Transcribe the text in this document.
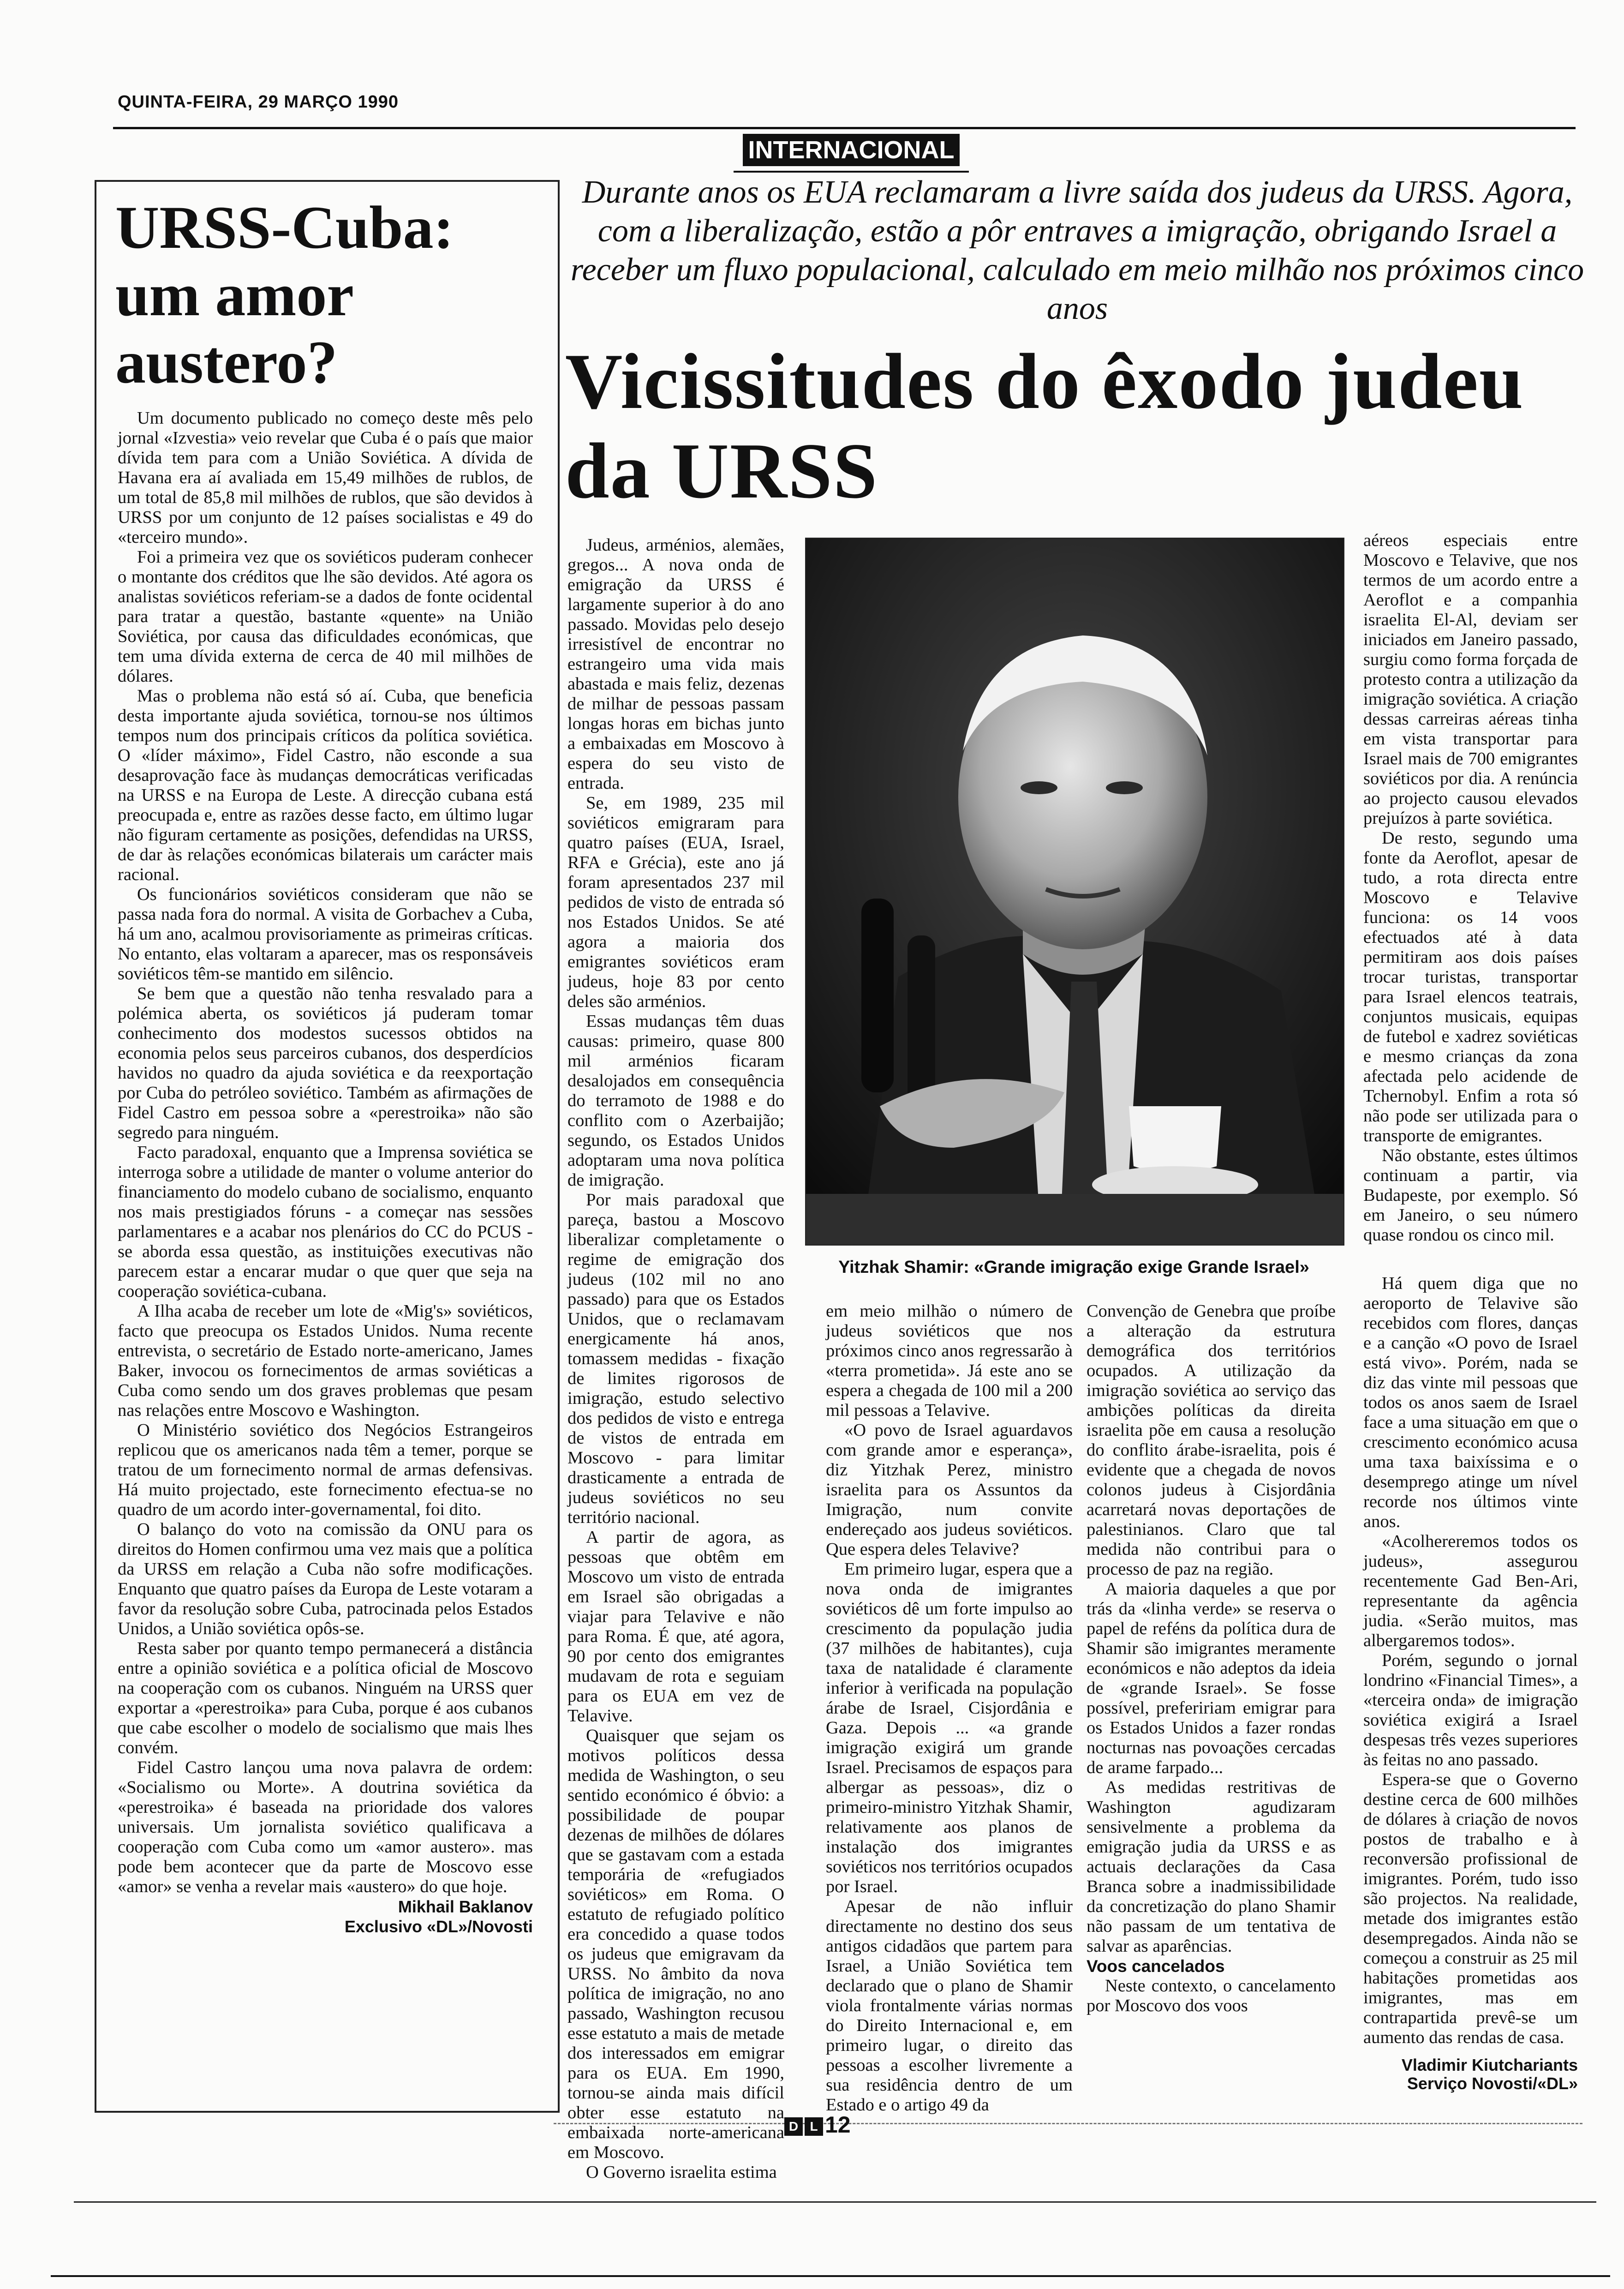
QUINTA-FEIRA, 29 MARÇO 1990
INTERNACIONAL
Durante anos os EUA reclamaram a livre saída dos judeus da URSS. Agora, com a liberalização, estão a pôr entraves a imigração, obrigando Israel a receber um fluxo populacional, calculado em meio milhão nos próximos cinco anos
Vicissitudes do êxodo judeu da URSS
URSS-Cuba: um amor austero?

Um documento publicado no começo deste mês pelo jornal «Izvestia» veio revelar que Cuba é o país que maior dívida tem para com a União Soviética. A dívida de Havana era aí avaliada em 15,49 milhões de rublos, de um total de 85,8 mil milhões de rublos, que são devidos à URSS por um conjunto de 12 países socialistas e 49 do «terceiro mundo».

Foi a primeira vez que os soviéticos puderam conhecer o montante dos créditos que lhe são devidos. Até agora os analistas soviéticos referiam-se a dados de fonte ocidental para tratar a questão, bastante «quente» na União Soviética, por causa das dificuldades económicas, que tem uma dívida externa de cerca de 40 mil milhões de dólares.

Mas o problema não está só aí. Cuba, que beneficia desta importante ajuda soviética, tornou-se nos últimos tempos num dos principais críticos da política soviética. O «líder máximo», Fidel Castro, não esconde a sua desaprovação face às mudanças democráticas verificadas na URSS e na Europa de Leste. A direcção cubana está preocupada e, entre as razões desse facto, em último lugar não figuram certamente as posições, defendidas na URSS, de dar às relações económicas bilaterais um carácter mais racional.

Os funcionários soviéticos consideram que não se passa nada fora do normal. A visita de Gorbachev a Cuba, há um ano, acalmou provisoriamente as primeiras críticas. No entanto, elas voltaram a aparecer, mas os responsáveis soviéticos têm-se mantido em silêncio.

Se bem que a questão não tenha resvalado para a polémica aberta, os soviéticos já puderam tomar conhecimento dos modestos sucessos obtidos na economia pelos seus parceiros cubanos, dos desperdícios havidos no quadro da ajuda soviética e da reexportação por Cuba do petróleo soviético. Também as afirmações de Fidel Castro em pessoa sobre a «perestroika» não são segredo para ninguém.

Facto paradoxal, enquanto que a Imprensa soviética se interroga sobre a utilidade de manter o volume anterior do financiamento do modelo cubano de socialismo, enquanto nos mais prestigiados fóruns - a começar nas sessões parlamentares e a acabar nos plenários do CC do PCUS - se aborda essa questão, as instituições executivas não parecem estar a encarar mudar o que quer que seja na cooperação soviética-cubana.

A Ilha acaba de receber um lote de «Mig's» soviéticos, facto que preocupa os Estados Unidos. Numa recente entrevista, o secretário de Estado norte-americano, James Baker, invocou os fornecimentos de armas soviéticas a Cuba como sendo um dos graves problemas que pesam nas relações entre Moscovo e Washington.

O Ministério soviético dos Negócios Estrangeiros replicou que os americanos nada têm a temer, porque se tratou de um fornecimento normal de armas defensivas. Há muito projectado, este fornecimento efectua-se no quadro de um acordo inter-governamental, foi dito.

O balanço do voto na comissão da ONU para os direitos do Homen confirmou uma vez mais que a política da URSS em relação a Cuba não sofre modificações. Enquanto que quatro países da Europa de Leste votaram a favor da resolução sobre Cuba, patrocinada pelos Estados Unidos, a União soviética opôs-se.

Resta saber por quanto tempo permanecerá a distância entre a opinião soviética e a política oficial de Moscovo na cooperação com os cubanos. Ninguém na URSS quer exportar a «perestroika» para Cuba, porque é aos cubanos que cabe escolher o modelo de socialismo que mais lhes convém.

Fidel Castro lançou uma nova palavra de ordem: «Socialismo ou Morte». A doutrina soviética da «perestroika» é baseada na prioridade dos valores universais. Um jornalista soviético qualificava a cooperação com Cuba como um «amor austero». mas pode bem acontecer que da parte de Moscovo esse «amor» se venha a revelar mais «austero» do que hoje.

Mikhail Baklanov
Exclusivo «DL»/Novosti

Judeus, arménios, alemães, gregos... A nova onda de emigração da URSS é largamente superior à do ano passado. Movidas pelo desejo irresistível de encontrar no estrangeiro uma vida mais abastada e mais feliz, dezenas de milhar de pessoas passam longas horas em bichas junto a embaixadas em Moscovo à espera do seu visto de entrada.

Se, em 1989, 235 mil soviéticos emigraram para quatro países (EUA, Israel, RFA e Grécia), este ano já foram apresentados 237 mil pedidos de visto de entrada só nos Estados Unidos. Se até agora a maioria dos emigrantes soviéticos eram judeus, hoje 83 por cento deles são arménios.

Essas mudanças têm duas causas: primeiro, quase 800 mil arménios ficaram desalojados em consequência do terramoto de 1988 e do conflito com o Azerbaijão; segundo, os Estados Unidos adoptaram uma nova política de imigração.

Por mais paradoxal que pareça, bastou a Moscovo liberalizar completamente o regime de emigração dos judeus (102 mil no ano passado) para que os Estados Unidos, que o reclamavam energicamente há anos, tomassem medidas - fixação de limites rigorosos de imigração, estudo selectivo dos pedidos de visto e entrega de vistos de entrada em Moscovo - para limitar drasticamente a entrada de judeus soviéticos no seu território nacional.

A partir de agora, as pessoas que obtêm em Moscovo um visto de entrada em Israel são obrigadas a viajar para Telavive e não para Roma. É que, até agora, 90 por cento dos emigrantes mudavam de rota e seguiam para os EUA em vez de Telavive.

Quaisquer que sejam os motivos políticos dessa medida de Washington, o seu sentido económico é óbvio: a possibilidade de poupar dezenas de milhões de dólares que se gastavam com a estada temporária de «refugiados soviéticos» em Roma. O estatuto de refugiado político era concedido a quase todos os judeus que emigravam da URSS. No âmbito da nova política de imigração, no ano passado, Washington recusou esse estatuto a mais de metade dos interessados em emigrar para os EUA. Em 1990, tornou-se ainda mais difícil obter esse estatuto na embaixada norte-americana em Moscovo.

O Governo israelita estima

Yitzhak Shamir: «Grande imigração exige Grande Israel»

em meio milhão o número de judeus soviéticos que nos próximos cinco anos regressarão à «terra prometida». Já este ano se espera a chegada de 100 mil a 200 mil pessoas a Telavive.

«O povo de Israel aguardavos com grande amor e esperança», diz Yitzhak Perez, ministro israelita para os Assuntos da Imigração, num convite endereçado aos judeus soviéticos. Que espera deles Telavive?

Em primeiro lugar, espera que a nova onda de imigrantes soviéticos dê um forte impulso ao crescimento da população judia (37 milhões de habitantes), cuja taxa de natalidade é claramente inferior à verificada na população árabe de Israel, Cisjordânia e Gaza. Depois ... «a grande imigração exigirá um grande Israel. Precisamos de espaços para albergar as pessoas», diz o primeiro-ministro Yitzhak Shamir, relativamente aos planos de instalação dos imigrantes soviéticos nos territórios ocupados por Israel.

Apesar de não influir directamente no destino dos seus antigos cidadãos que partem para Israel, a União Soviética tem declarado que o plano de Shamir viola frontalmente várias normas do Direito Internacional e, em primeiro lugar, o direito das pessoas a escolher livremente a sua residência dentro de um Estado e o artigo 49 da

Convenção de Genebra que proíbe a alteração da estrutura demográfica dos territórios ocupados. A utilização da imigração soviética ao serviço das ambições políticas da direita israelita põe em causa a resolução do conflito árabe-israelita, pois é evidente que a chegada de novos colonos judeus à Cisjordânia acarretará novas deportações de palestinianos. Claro que tal medida não contribui para o processo de paz na região.

A maioria daqueles a que por trás da «linha verde» se reserva o papel de reféns da política dura de Shamir são imigrantes meramente económicos e não adeptos da ideia de «grande Israel». Se fosse possível, prefeririam emigrar para os Estados Unidos a fazer rondas nocturnas nas povoações cercadas de arame farpado...

As medidas restritivas de Washington agudizaram sensivelmente a problema da emigração judia da URSS e as actuais declarações da Casa Branca sobre a inadmissibilidade da concretização do plano Shamir não passam de um tentativa de salvar as aparências.

Voos cancelados

Neste contexto, o cancelamento por Moscovo dos voos

aéreos especiais entre Moscovo e Telavive, que nos termos de um acordo entre a Aeroflot e a companhia israelita El-Al, deviam ser iniciados em Janeiro passado, surgiu como forma forçada de protesto contra a utilização da imigração soviética. A criação dessas carreiras aéreas tinha em vista transportar para Israel mais de 700 emigrantes soviéticos por dia. A renúncia ao projecto causou elevados prejuízos à parte soviética.

De resto, segundo uma fonte da Aeroflot, apesar de tudo, a rota directa entre Moscovo e Telavive funciona: os 14 voos efectuados até à data permitiram aos dois países trocar turistas, transportar para Israel elencos teatrais, conjuntos musicais, equipas de futebol e xadrez soviéticas e mesmo crianças da zona afectada pelo acidende de Tchernobyl. Enfim a rota só não pode ser utilizada para o transporte de emigrantes.

Não obstante, estes últimos continuam a partir, via Budapeste, por exemplo. Só em Janeiro, o seu número quase rondou os cinco mil.

Há quem diga que no aeroporto de Telavive são recebidos com flores, danças e a canção «O povo de Israel está vivo». Porém, nada se diz das vinte mil pessoas que todos os anos saem de Israel face a uma situação em que o crescimento económico acusa uma taxa baixíssima e o desemprego atinge um nível recorde nos últimos vinte anos.

«Acolhereremos todos os judeus», assegurou recentemente Gad Ben-Ari, representante da agência judia. «Serão muitos, mas albergaremos todos».

Porém, segundo o jornal londrino «Financial Times», a «terceira onda» de imigração soviética exigirá a Israel despesas três vezes superiores às feitas no ano passado.

Espera-se que o Governo destine cerca de 600 milhões de dólares à criação de novos postos de trabalho e à reconversão profissional de imigrantes. Porém, tudo isso são projectos. Na realidade, metade dos imigrantes estão desempregados. Ainda não se começou a construir as 25 mil habitações prometidas aos imigrantes, mas em contrapartida prevê-se um aumento das rendas de casa.

Vladimir Kiutchariants
Serviço Novosti/«DL»
D L 12
